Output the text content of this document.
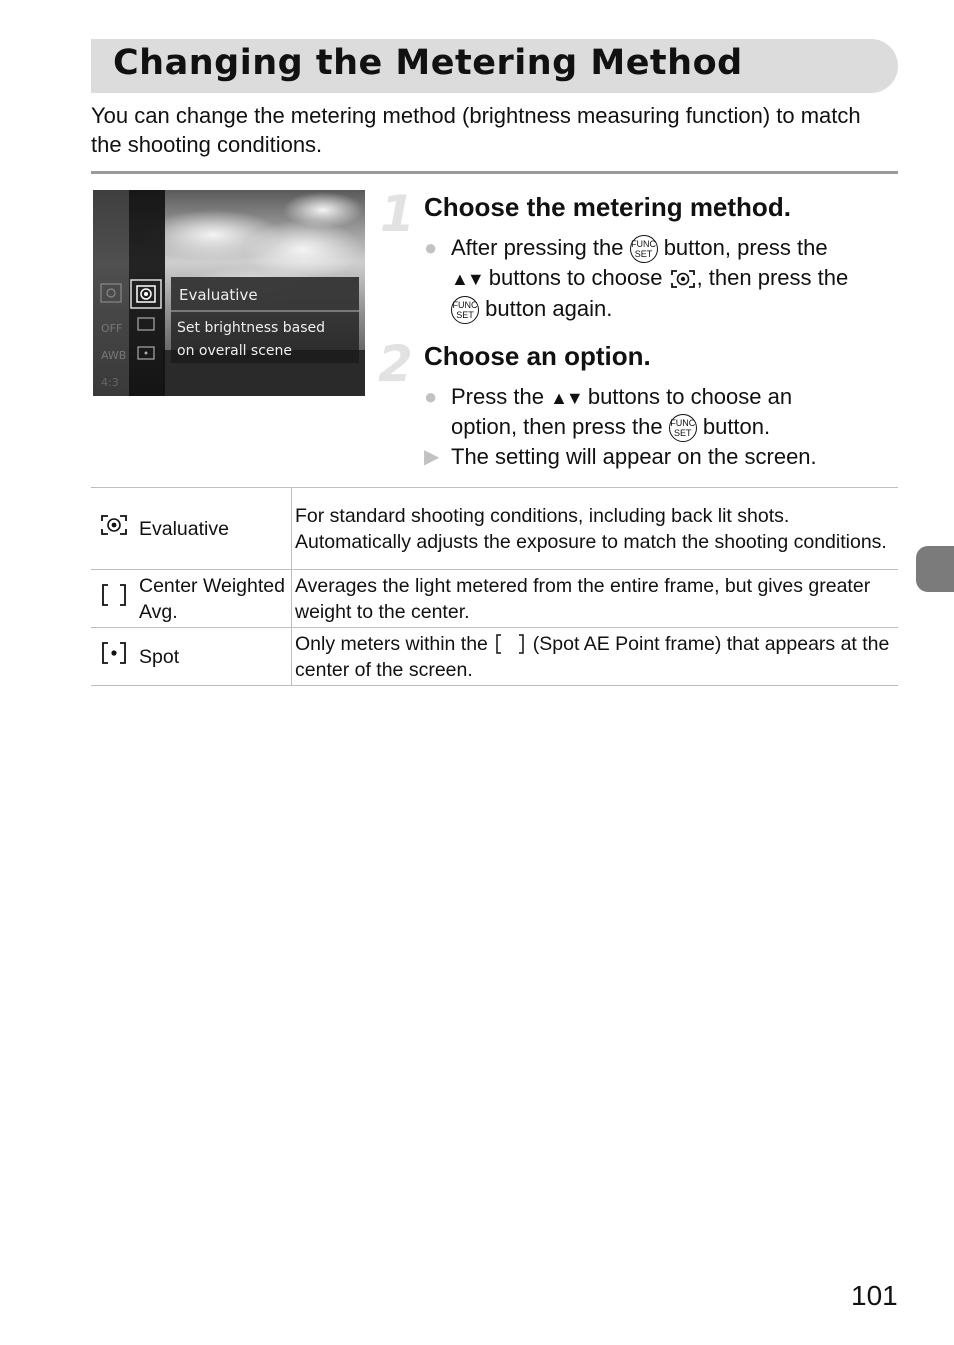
Changing the Metering Method
You can change the metering method (brightness measuring function) to match the shooting conditions.
Evaluative
Set brightness based
on overall scene
OFF
AWB
4:3
1 Choose the metering method.
● After pressing the FUNC
SET button, press the
▲▼ buttons to choose , then press the
FUNC
SET button again.
2 Choose an option.
● Press the ▲▼ buttons to choose an
option, then press the FUNC
SET button.
▶ The setting will appear on the screen.
	Evaluative	For standard shooting conditions, including back lit shots. Automatically adjusts the exposure to match the shooting conditions.
	Center Weighted Avg.	Averages the light metered from the entire frame, but gives greater weight to the center.
	Spot	Only meters within the (Spot AE Point frame) that appears at the center of the screen.
101
